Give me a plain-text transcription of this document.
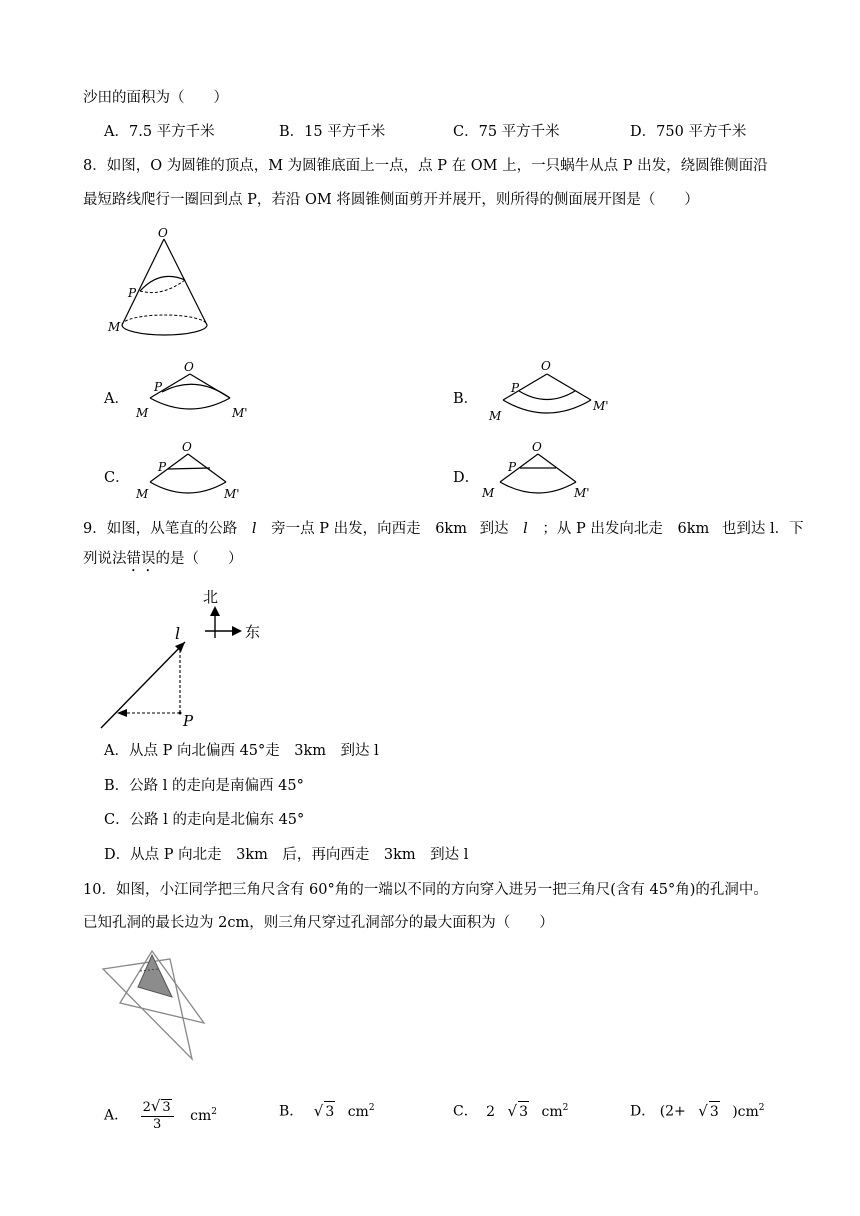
沙田的面积为（　　）
A．7.5 平方千米	B．15 平方千米	C．75 平方千米	D．750 平方千米
8．如图，O 为圆锥的顶点，M 为圆锥底面上一点，点 P 在 OM 上，一只蜗牛从点 P 出发，绕圆锥侧面沿
最短路线爬行一圈回到点 P，若沿 OM 将圆锥侧面剪开并展开，则所得的侧面展开图是（　　）
O
P
M
A．
O
P
M	M'
B．
O
P
M
M'
C．
O
P
M	M'
D．
O
P
M	M'
9．如图，从笔直的公路 l 旁一点 P 出发，向西走 6km 到达 l ；从 P 出发向北走 6km 也到达 l．下
列说法错误的是（　　）
北
东
l
P
A．从点 P 向北偏西 45°走　3km　到达 l
B．公路 l 的走向是南偏西 45°
C．公路 l 的走向是北偏东 45°
D．从点 P 向北走　3km　后，再向西走　3km　到达 l
10．如图，小江同学把三角尺含有 60°角的一端以不同的方向穿入进另一把三角尺(含有 45°角)的孔洞中。
已知孔洞的最长边为 2cm，则三角尺穿过孔洞部分的最大面积为（　　）
A． $\frac{2√ 3}{3} cm^2$	B． √ 3 $cm^2$	C． 2 √ 3 $cm^2$	D． (2+ √ 3 )$cm^2$
